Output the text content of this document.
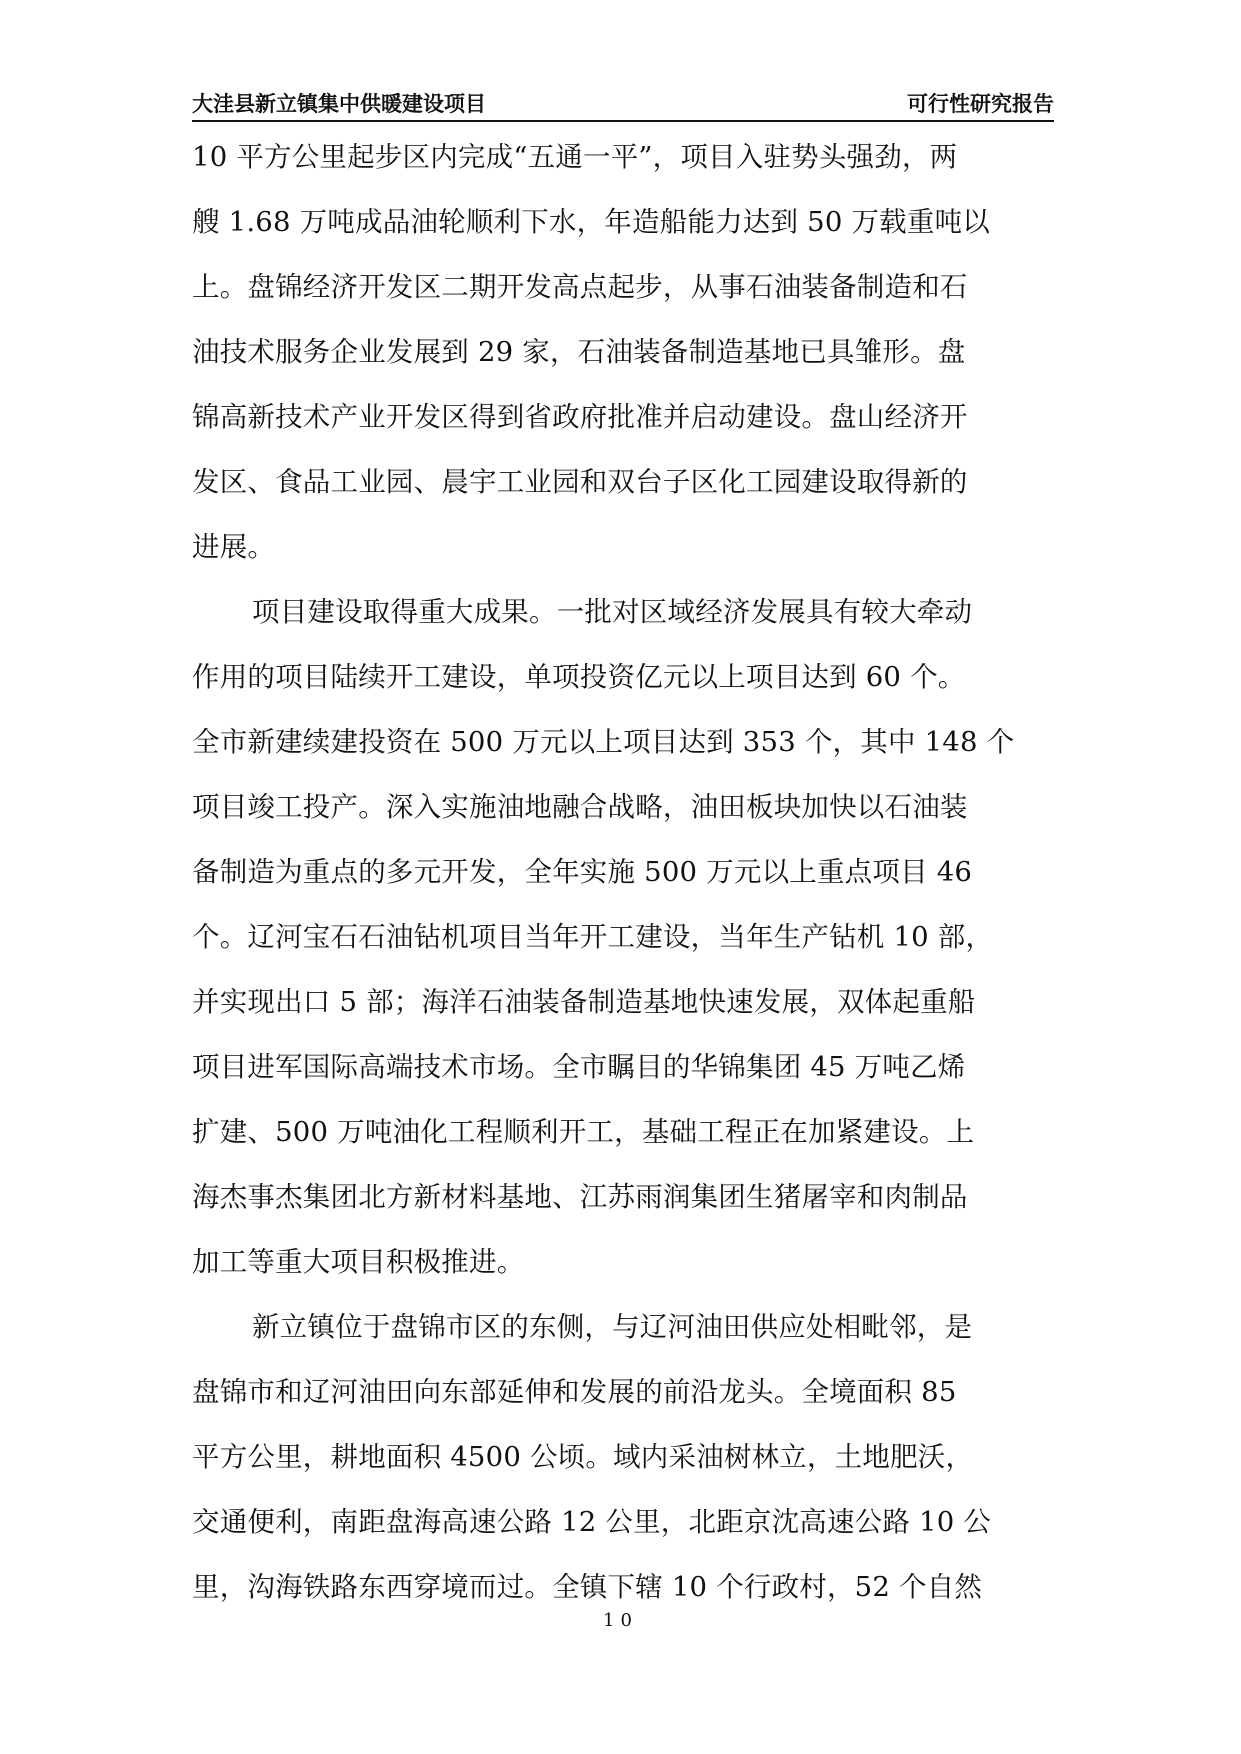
大洼县新立镇集中供暖建设项目	可行性研究报告
10 平方公里起步区内完成“五通一平”，项目入驻势头强劲，两
艘 1.68 万吨成品油轮顺利下水，年造船能力达到 50 万载重吨以
上。盘锦经济开发区二期开发高点起步，从事石油装备制造和石
油技术服务企业发展到 29 家，石油装备制造基地已具雏形。盘
锦高新技术产业开发区得到省政府批准并启动建设。盘山经济开
发区、食品工业园、晨宇工业园和双台子区化工园建设取得新的
进展。
项目建设取得重大成果。一批对区域经济发展具有较大牵动
作用的项目陆续开工建设，单项投资亿元以上项目达到 60 个。
全市新建续建投资在 500 万元以上项目达到 353 个，其中 148 个
项目竣工投产。深入实施油地融合战略，油田板块加快以石油装
备制造为重点的多元开发，全年实施 500 万元以上重点项目 46
个。辽河宝石石油钻机项目当年开工建设，当年生产钻机 10 部，
并实现出口 5 部；海洋石油装备制造基地快速发展，双体起重船
项目进军国际高端技术市场。全市瞩目的华锦集团 45 万吨乙烯
扩建、500 万吨油化工程顺利开工，基础工程正在加紧建设。上
海杰事杰集团北方新材料基地、江苏雨润集团生猪屠宰和肉制品
加工等重大项目积极推进。
新立镇位于盘锦市区的东侧，与辽河油田供应处相毗邻，是
盘锦市和辽河油田向东部延伸和发展的前沿龙头。全境面积 85
平方公里，耕地面积 4500 公顷。域内采油树林立，土地肥沃，
交通便利，南距盘海高速公路 12 公里，北距京沈高速公路 10 公
里，沟海铁路东西穿境而过。全镇下辖 10 个行政村，52 个自然
10
